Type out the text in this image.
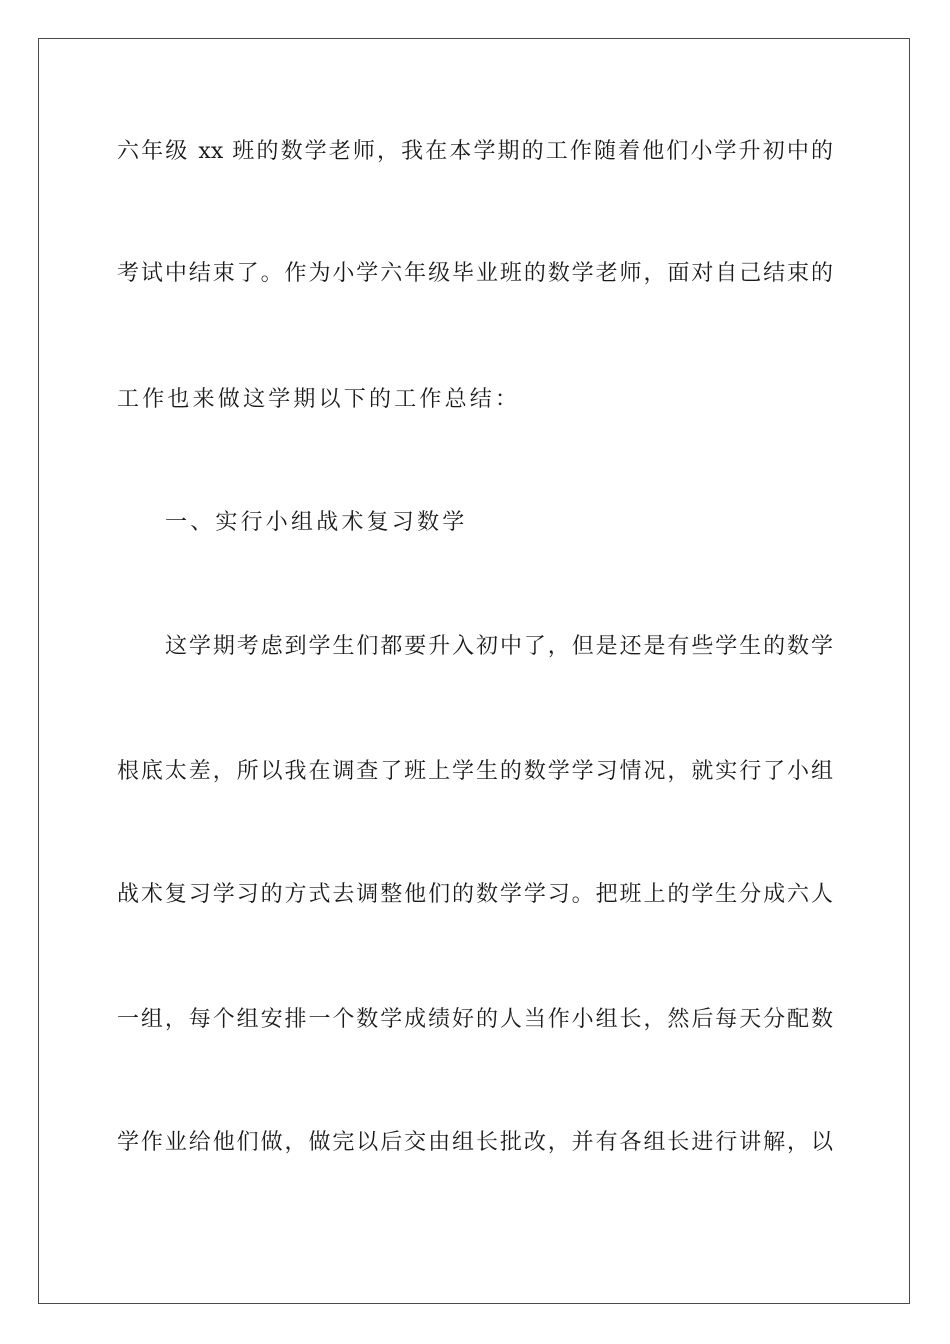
六年级 xx 班的数学老师，我在本学期的工作随着他们小学升初中的
考试中结束了。作为小学六年级毕业班的数学老师，面对自己结束的
工作也来做这学期以下的工作总结：
一、实行小组战术复习数学
这学期考虑到学生们都要升入初中了，但是还是有些学生的数学
根底太差，所以我在调查了班上学生的数学学习情况，就实行了小组
战术复习学习的方式去调整他们的数学学习。把班上的学生分成六人
一组，每个组安排一个数学成绩好的人当作小组长，然后每天分配数
学作业给他们做，做完以后交由组长批改，并有各组长进行讲解，以
